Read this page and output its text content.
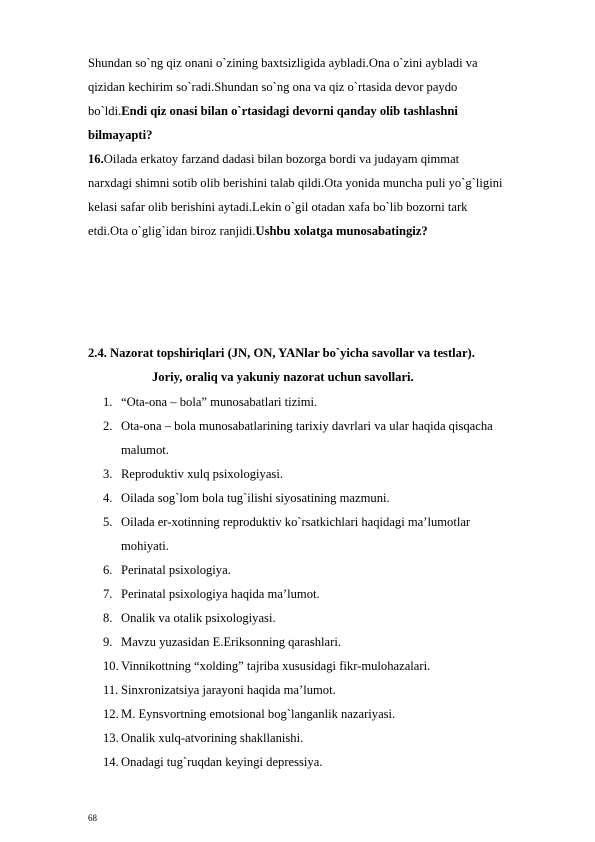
Shundan so`ng qiz onani o`zining baxtsizligida aybladi.Ona o`zini aybladi va
qizidan kechirim so`radi.Shundan so`ng ona va qiz o`rtasida devor paydo
bo`ldi.Endi qiz onasi bilan o`rtasidagi devorni qanday olib tashlashni
bilmayapti?
16.Oilada erkatoy farzand dadasi bilan bozorga bordi va judayam qimmat
narxdagi shimni sotib olib berishini talab qildi.Ota yonida muncha puli yo`g`ligini
kelasi safar olib berishini aytadi.Lekin o`gil otadan xafa bo`lib bozorni tark
etdi.Ota o`glig`idan biroz ranjidi.Ushbu xolatga munosabatingiz?
2.4. Nazorat topshiriqlari (JN, ON, YANlar bo`yicha savollar va testlar).
Joriy, oraliq va yakuniy nazorat uchun savollari.
1. “Ota-ona – bola” munosabatlari tizimi.
2. Ota-ona – bola munosabatlarining tarixiy davrlari va ular haqida qisqacha
malumot.
3. Reproduktiv xulq psixologiyasi.
4. Oilada sog`lom bola tug`ilishi siyosatining mazmuni.
5. Oilada er-xotinning reproduktiv ko`rsatkichlari haqidagi ma’lumotlar
mohiyati.
6. Perinatal psixologiya.
7. Perinatal psixologiya haqida ma’lumot.
8. Onalik va otalik psixologiyasi.
9. Mavzu yuzasidan E.Eriksonning qarashlari.
10. Vinnikottning “xolding” tajriba xususidagi fikr-mulohazalari.
11. Sinxronizatsiya jarayoni haqida ma’lumot.
12. M. Eynsvortning emotsional bog`langanlik nazariyasi.
13. Onalik xulq-atvorining shakllanishi.
14. Onadagi tug`ruqdan keyingi depressiya.
68
